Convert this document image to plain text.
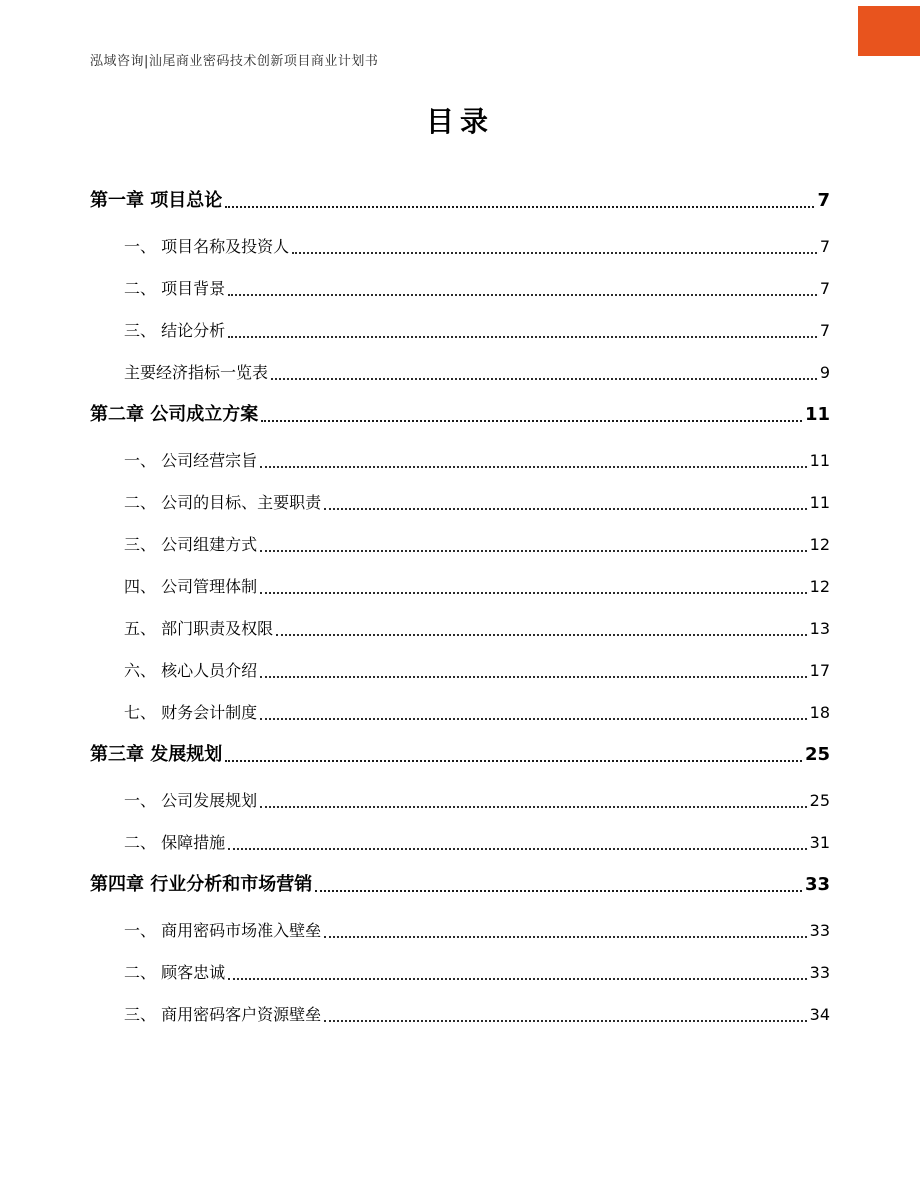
泓域咨询|汕尾商业密码技术创新项目商业计划书
目录
第一章 项目总论	7
一、 项目名称及投资人	7
二、 项目背景	7
三、 结论分析	7
主要经济指标一览表	9
第二章 公司成立方案	11
一、 公司经营宗旨	11
二、 公司的目标、主要职责	11
三、 公司组建方式	12
四、 公司管理体制	12
五、 部门职责及权限	13
六、 核心人员介绍	17
七、 财务会计制度	18
第三章 发展规划	25
一、 公司发展规划	25
二、 保障措施	31
第四章 行业分析和市场营销	33
一、 商用密码市场准入壁垒	33
二、 顾客忠诚	33
三、 商用密码客户资源壁垒	34
